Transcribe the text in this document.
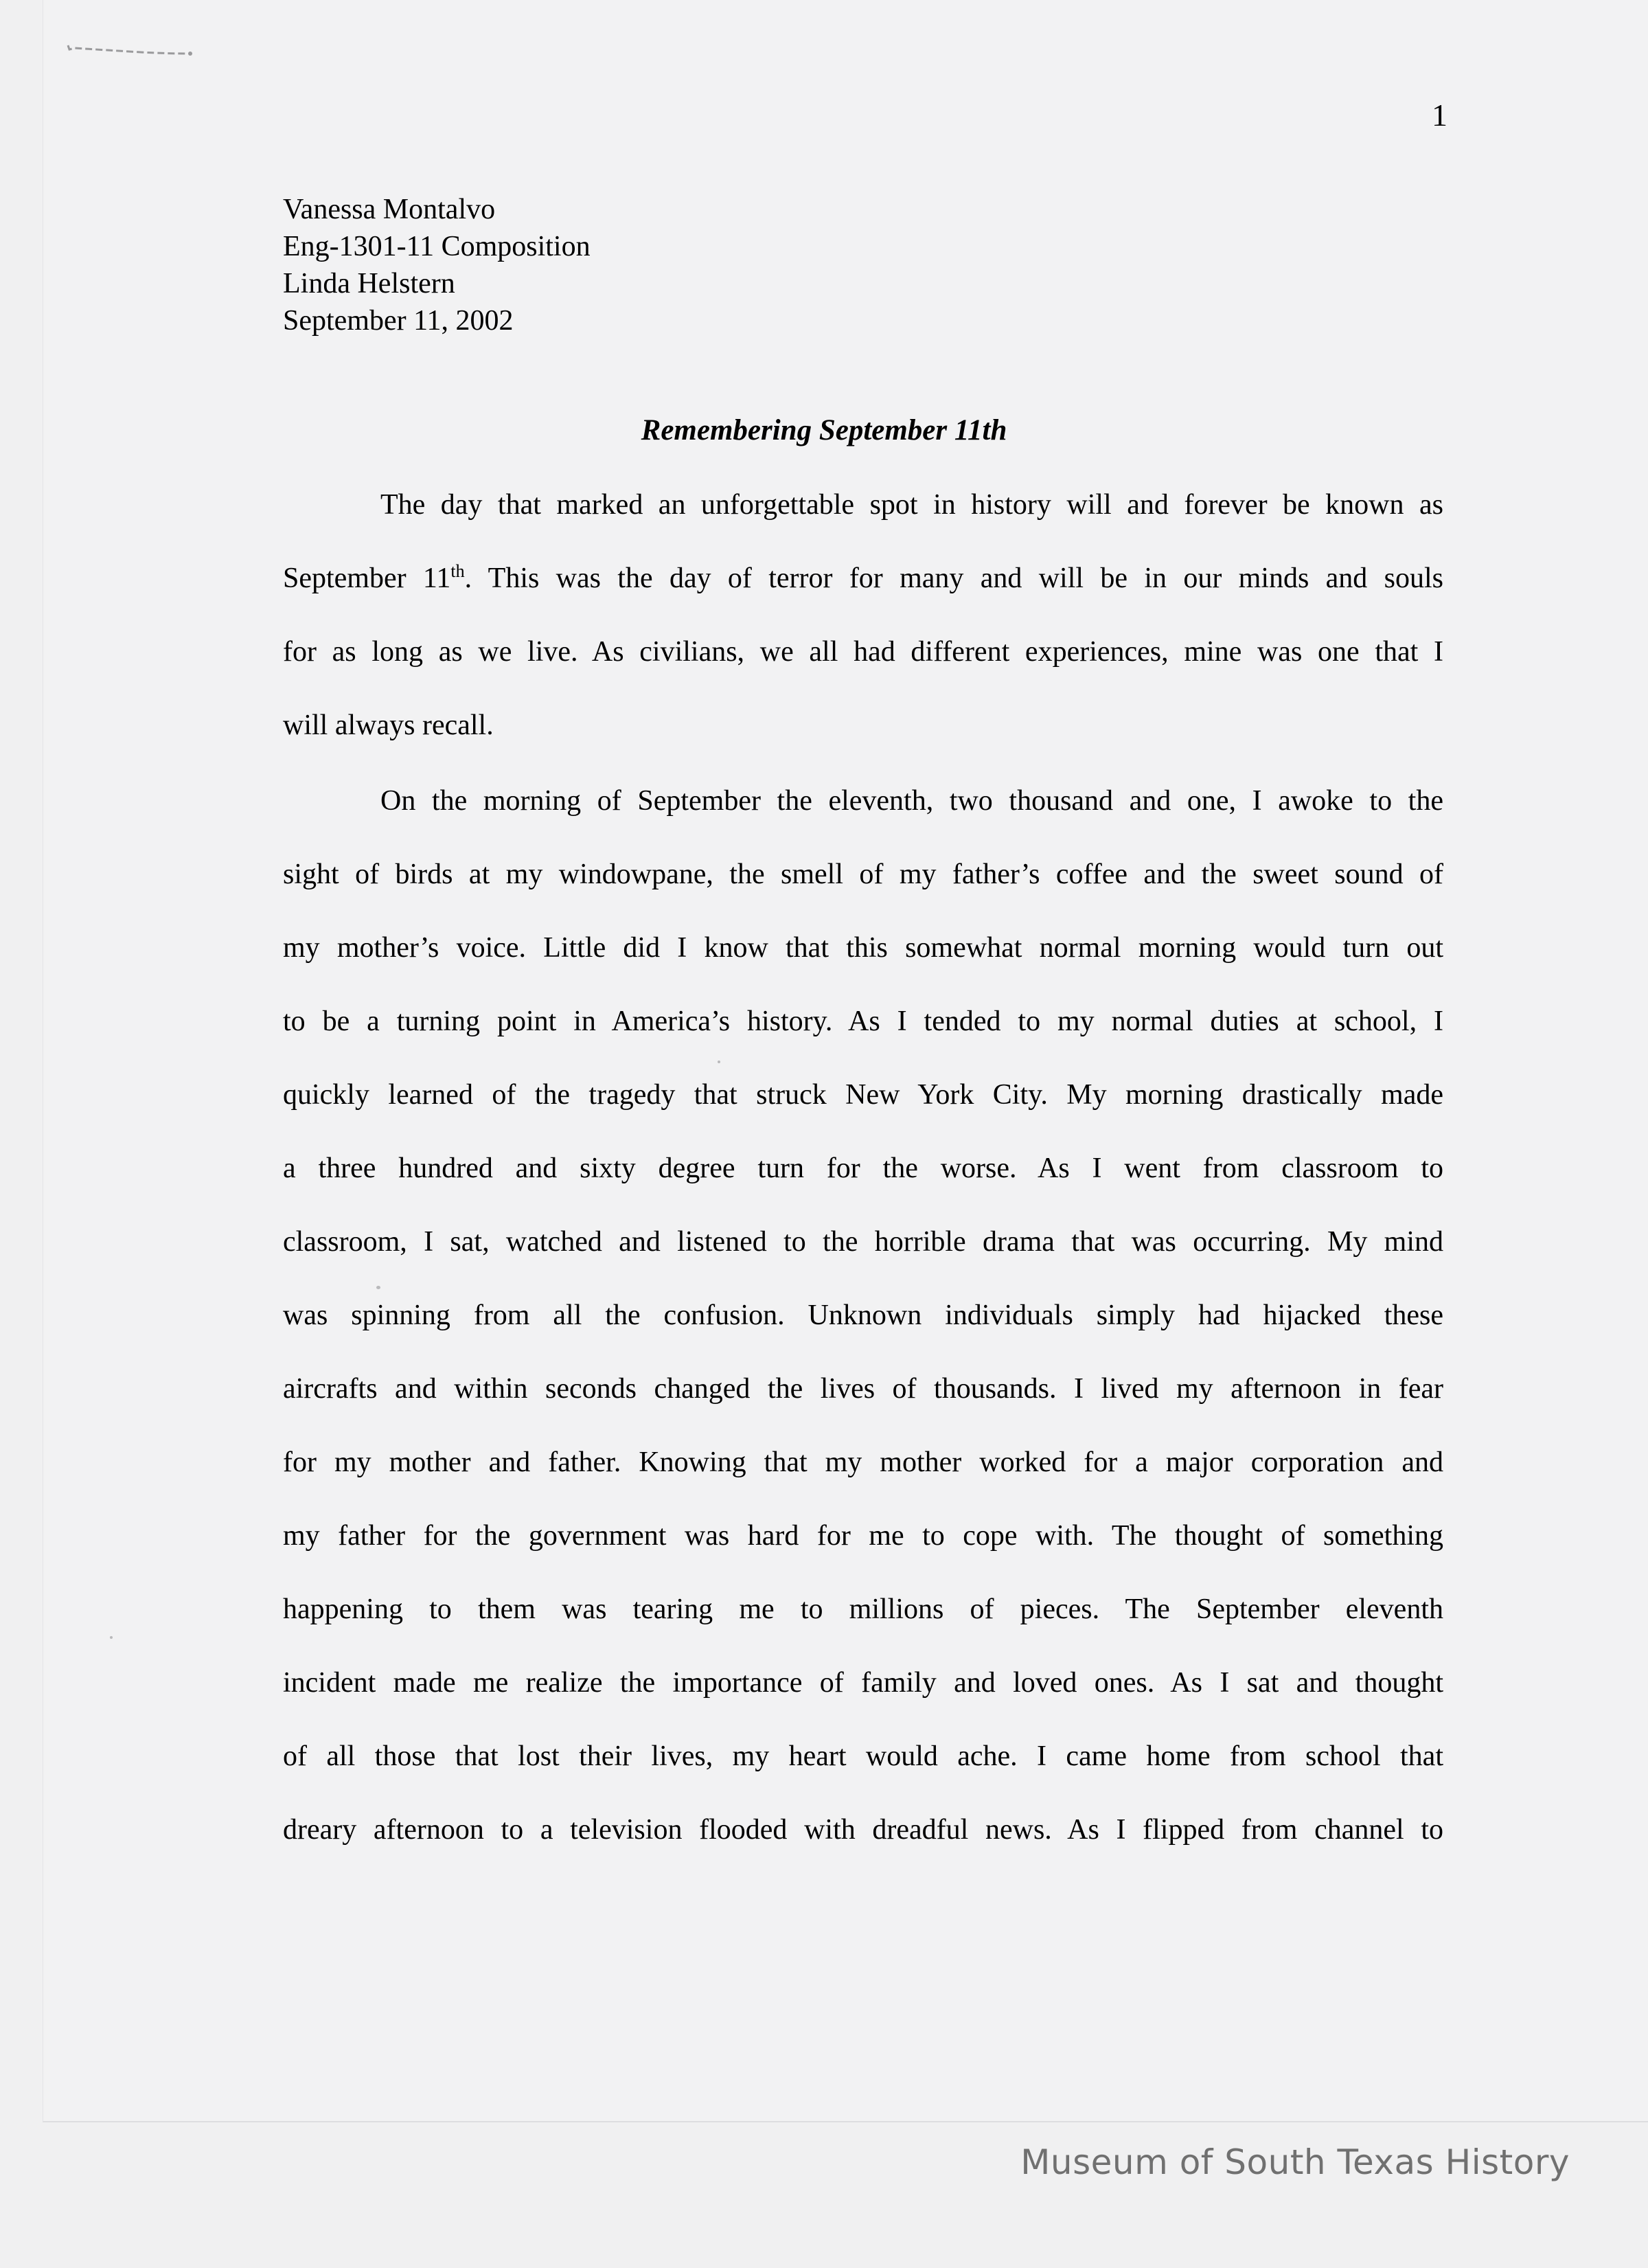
1
Vanessa Montalvo
Eng-1301-11 Composition
Linda Helstern
September 11, 2002
Remembering September 11th
The day that marked an unforgettable spot in history will and forever be known as
September 11th. This was the day of terror for many and will be in our minds and souls
for as long as we live. As civilians, we all had different experiences, mine was one that I
will always recall.
On the morning of September the eleventh, two thousand and one, I awoke to the
sight of birds at my windowpane, the smell of my father’s coffee and the sweet sound of
my mother’s voice. Little did I know that this somewhat normal morning would turn out
to be a turning point in America’s history. As I tended to my normal duties at school, I
quickly learned of the tragedy that struck New York City. My morning drastically made
a three hundred and sixty degree turn for the worse. As I went from classroom to
classroom, I sat, watched and listened to the horrible drama that was occurring. My mind
was spinning from all the confusion. Unknown individuals simply had hijacked these
aircrafts and within seconds changed the lives of thousands. I lived my afternoon in fear
for my mother and father. Knowing that my mother worked for a major corporation and
my father for the government was hard for me to cope with. The thought of something
happening to them was tearing me to millions of pieces. The September eleventh
incident made me realize the importance of family and loved ones. As I sat and thought
of all those that lost their lives, my heart would ache. I came home from school that
dreary afternoon to a television flooded with dreadful news. As I flipped from channel to
Museum of South Texas History
